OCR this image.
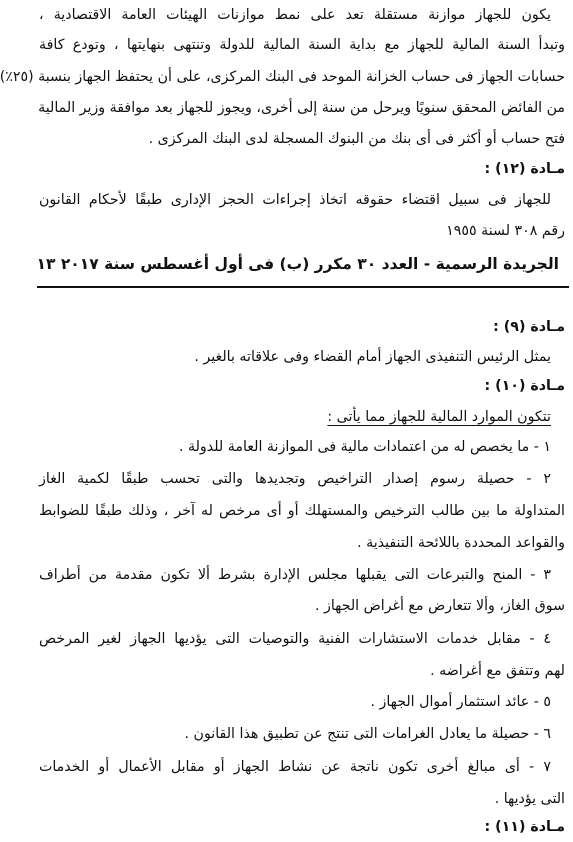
يكون للجهاز موازنة مستقلة تعد على نمط موازنات الهيئات العامة الاقتصادية ،
وتبدأ السنة المالية للجهاز مع بداية السنة المالية للدولة وتنتهى بنهايتها ، وتودع كافة
حسابات الجهاز فى حساب الخزانة الموحد فى البنك المركزى، على أن يحتفظ الجهاز بنسبة (٢٥٪)
من الفائض المحقق سنويًا ويرحل من سنة إلى أخرى، ويجوز للجهاز بعد موافقة وزير المالية
فتح حساب أو أكثر فى أى بنك من البنوك المسجلة لدى البنك المركزى .
مـادة (١٢) :
للجهاز فى سبيل اقتضاء حقوقه اتخاذ إجراءات الحجز الإدارى طبقًا لأحكام القانون
رقم ٣٠٨ لسنة ١٩٥٥
الجريدة الرسمية - العدد ٣٠ مكرر (ب) فى أول أغسطس سنة ٢٠١٧ ١٣
مـادة (٩) :
يمثل الرئيس التنفيذى الجهاز أمام القضاء وفى علاقاته بالغير .
مـادة (١٠) :
تتكون الموارد المالية للجهاز مما يأتى :
١ - ما يخصص له من اعتمادات مالية فى الموازنة العامة للدولة .
٢ - حصيلة رسوم إصدار التراخيص وتجديدها والتى تحسب طبقًا لكمية الغاز
المتداولة ما بين طالب الترخيص والمستهلك أو أى مرخص له آخر ، وذلك طبقًا للضوابط
والقواعد المحددة باللائحة التنفيذية .
٣ - المنح والتبرعات التى يقبلها مجلس الإدارة بشرط ألا تكون مقدمة من أطراف
سوق الغاز، وألا تتعارض مع أغراض الجهاز .
٤ - مقابل خدمات الاستشارات الفنية والتوصيات التى يؤديها الجهاز لغير المرخص
لهم وتتفق مع أغراضه .
٥ - عائد استثمار أموال الجهاز .
٦ - حصيلة ما يعادل الغرامات التى تنتج عن تطبيق هذا القانون .
٧ - أى مبالغ أخرى تكون ناتجة عن نشاط الجهاز أو مقابل الأعمال أو الخدمات
التى يؤديها .
مـادة (١١) :
